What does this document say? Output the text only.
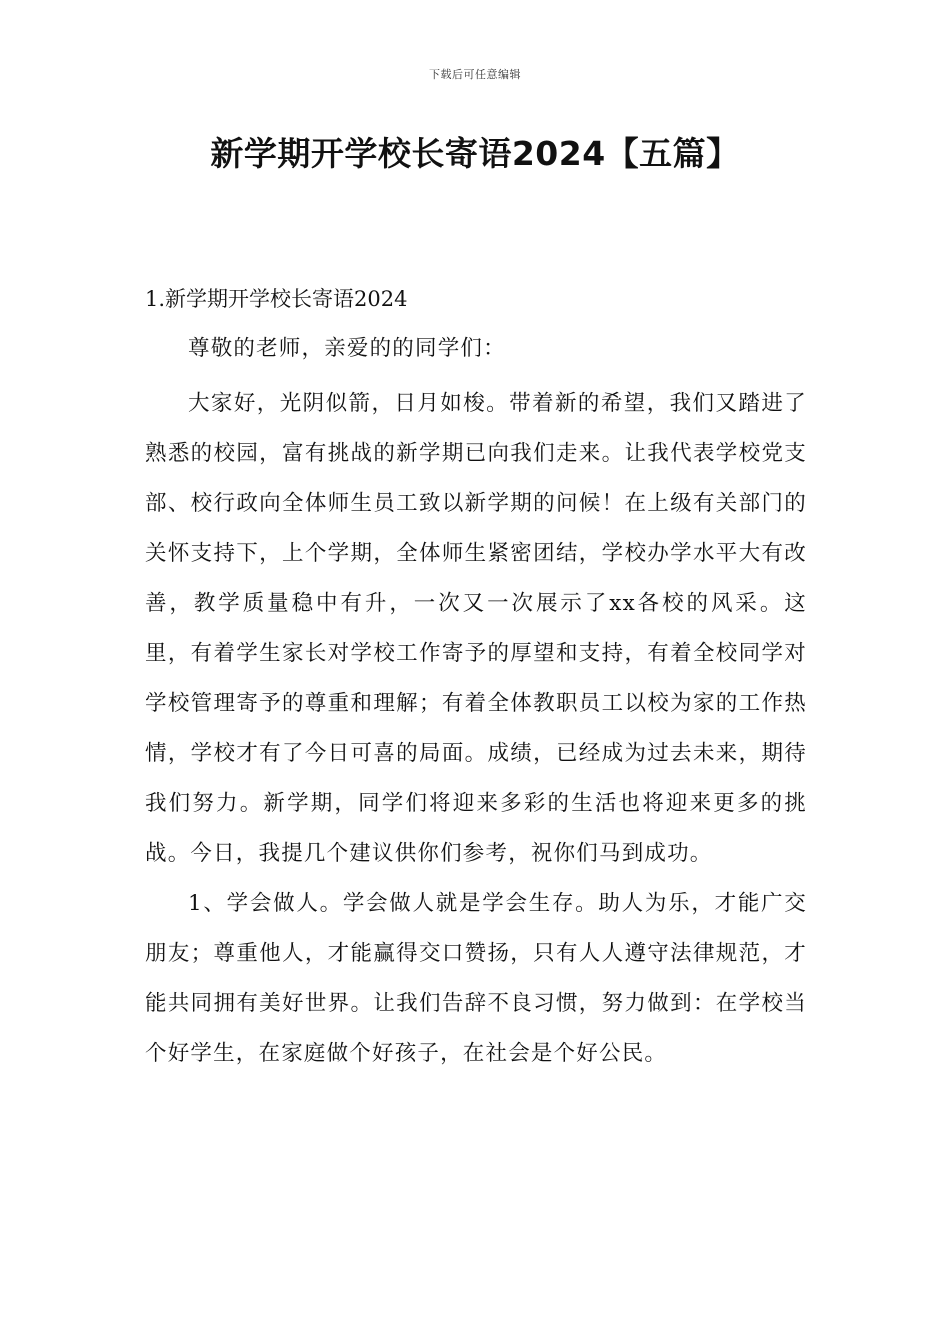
下载后可任意编辑
新学期开学校长寄语2024【五篇】
1.新学期开学校长寄语2024

尊敬的老师，亲爱的的同学们：

大家好，光阴似箭，日月如梭。带着新的希望，我们又踏进了熟悉的校园，富有挑战的新学期已向我们走来。让我代表学校党支部、校行政向全体师生员工致以新学期的问候！在上级有关部门的关怀支持下，上个学期，全体师生紧密团结，学校办学水平大有改善，教学质量稳中有升，一次又一次展示了xx各校的风采。这里，有着学生家长对学校工作寄予的厚望和支持，有着全校同学对学校管理寄予的尊重和理解；有着全体教职员工以校为家的工作热情，学校才有了今日可喜的局面。成绩，已经成为过去未来，期待我们努力。新学期，同学们将迎来多彩的生活也将迎来更多的挑战。今日，我提几个建议供你们参考，祝你们马到成功。

1、学会做人。学会做人就是学会生存。助人为乐，才能广交朋友；尊重他人，才能赢得交口赞扬，只有人人遵守法律规范，才能共同拥有美好世界。让我们告辞不良习惯，努力做到：在学校当个好学生，在家庭做个好孩子，在社会是个好公民。
